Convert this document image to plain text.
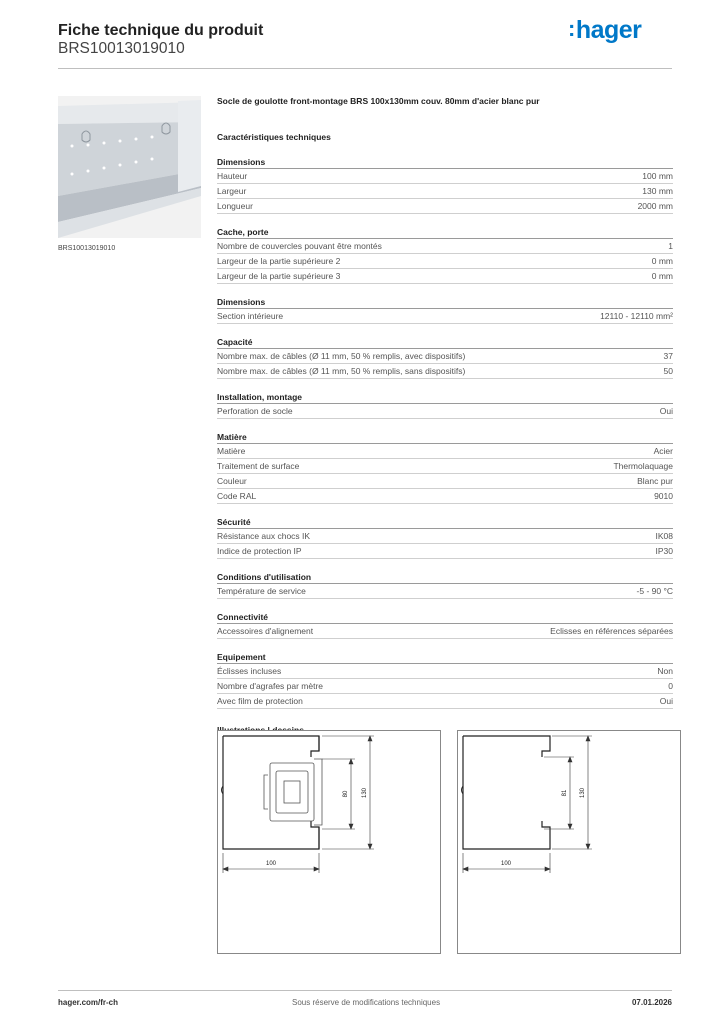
Fiche technique du produit
BRS10013019010
:hager
BRS10013019010
Socle de goulotte front-montage BRS 100x130mm couv. 80mm d'acier blanc pur
Caractéristiques techniques
Dimensions
Hauteur	100 mm
Largeur	130 mm
Longueur	2000 mm
Cache, porte
Nombre de couvercles pouvant être montés	1
Largeur de la partie supérieure 2	0 mm
Largeur de la partie supérieure 3	0 mm
Dimensions
Section intérieure	12110 - 12110 mm²
Capacité
Nombre max. de câbles (Ø 11 mm, 50 % remplis, avec dispositifs)	37
Nombre max. de câbles (Ø 11 mm, 50 % remplis, sans dispositifs)	50
Installation, montage
Perforation de socle	Oui
Matière
Matière	Acier
Traitement de surface	Thermolaquage
Couleur	Blanc pur
Code RAL	9010
Sécurité
Résistance aux chocs IK	IK08
Indice de protection IP	IP30
Conditions d'utilisation
Température de service	-5 - 90 °C
Connectivité
Accessoires d'alignement	Eclisses en références séparées
Equipement
Éclisses incluses	Non
Nombre d'agrafes par mètre	0
Avec film de protection	Oui
100
80 130
100
81 130
hager.com/fr-ch	Sous réserve de modifications techniques	07.01.2026
